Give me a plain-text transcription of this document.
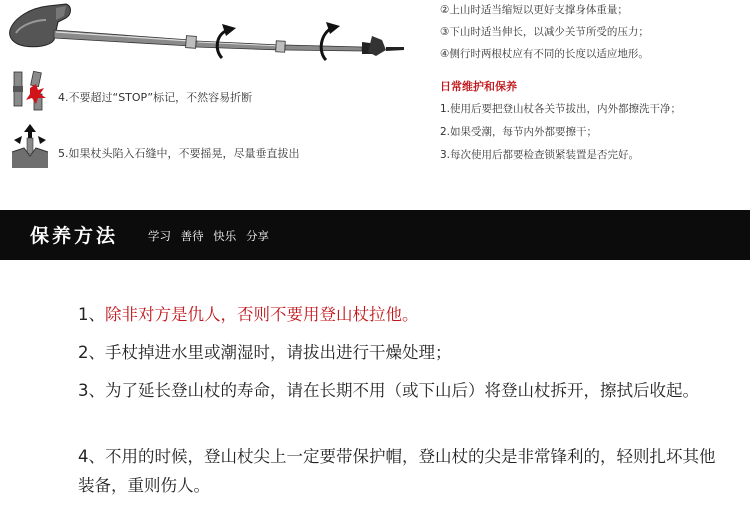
②上山时适当缩短以更好支撑身体重量；
③下山时适当伸长，以减少关节所受的压力；
④侧行时两根杖应有不同的长度以适应地形。
日常维护和保养
1.使用后要把登山杖各关节拔出，内外都擦洗干净；
2.如果受潮，每节内外都要擦干；
3.每次使用后都要检查锁紧装置是否完好。
4.不要超过“STOP”标记，不然容易折断
5.如果杖头陷入石缝中，不要摇晃，尽量垂直拔出
保养方法	学习 善待 快乐 分享
1、除非对方是仇人，否则不要用登山杖拉他。
2、手杖掉进水里或潮湿时，请拔出进行干燥处理；
3、为了延长登山杖的寿命，请在长期不用（或下山后）将登山杖拆开，擦拭后收起。
4、不用的时候，登山杖尖上一定要带保护帽，登山杖的尖是非常锋利的，轻则扎坏其他装备，重则伤人。
